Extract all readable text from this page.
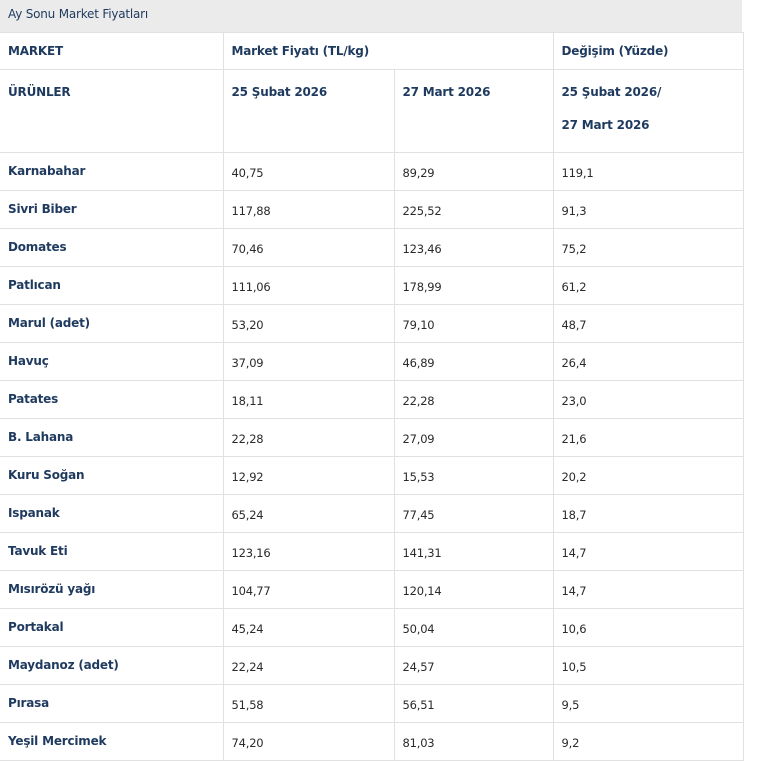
Ay Sonu Market Fiyatları
MARKET	Market Fiyatı (TL/kg)		Değişim (Yüzde)
ÜRÜNLER	25 Şubat 2026	27 Mart 2026	25 Şubat 2026/
27 Mart 2026

Karnabahar	40,75	89,29	119,1
Sivri Biber	117,88	225,52	91,3
Domates	70,46	123,46	75,2
Patlıcan	111,06	178,99	61,2
Marul (adet)	53,20	79,10	48,7
Havuç	37,09	46,89	26,4
Patates	18,11	22,28	23,0
B. Lahana	22,28	27,09	21,6
Kuru Soğan	12,92	15,53	20,2
Ispanak	65,24	77,45	18,7
Tavuk Eti	123,16	141,31	14,7
Mısırözü yağı	104,77	120,14	14,7
Portakal	45,24	50,04	10,6
Maydanoz (adet)	22,24	24,57	10,5
Pırasa	51,58	56,51	9,5
Yeşil Mercimek	74,20	81,03	9,2
